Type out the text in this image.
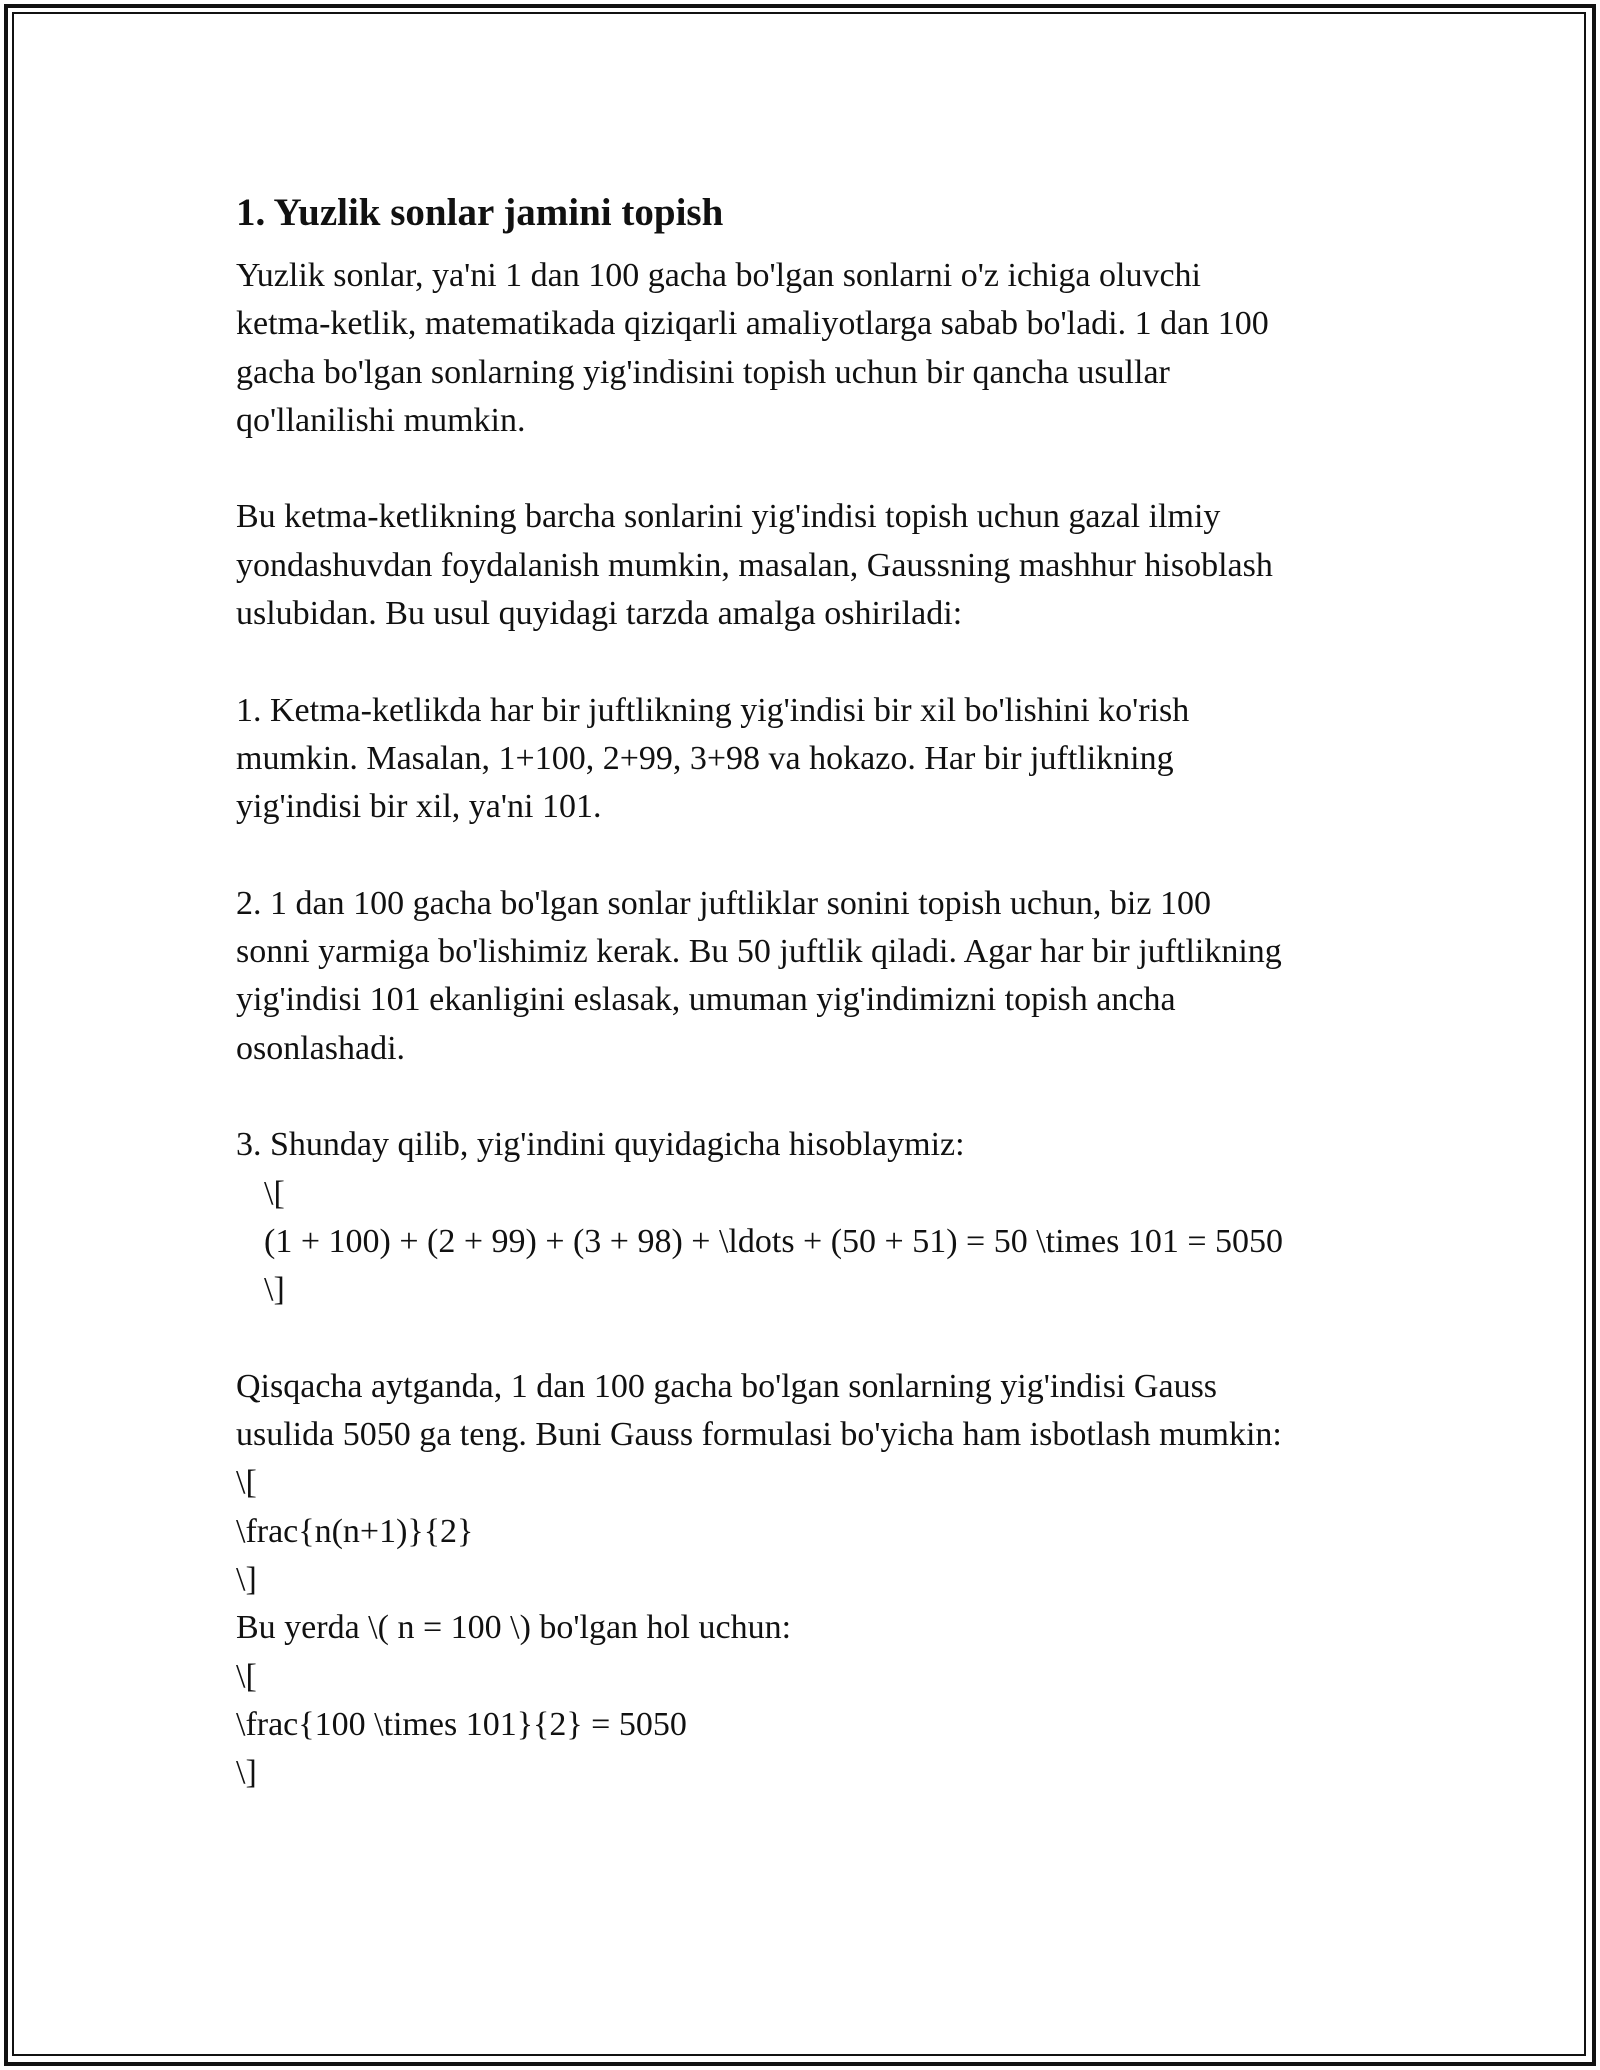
1. Yuzlik sonlar jamini topish
Yuzlik sonlar, ya'ni 1 dan 100 gacha bo'lgan sonlarni o'z ichiga oluvchi
ketma-ketlik, matematikada qiziqarli amaliyotlarga sabab bo'ladi. 1 dan 100
gacha bo'lgan sonlarning yig'indisini topish uchun bir qancha usullar
qo'llanilishi mumkin.
Bu ketma-ketlikning barcha sonlarini yig'indisi topish uchun gazal ilmiy
yondashuvdan foydalanish mumkin, masalan, Gaussning mashhur hisoblash
uslubidan. Bu usul quyidagi tarzda amalga oshiriladi:
1. Ketma-ketlikda har bir juftlikning yig'indisi bir xil bo'lishini ko'rish
mumkin. Masalan, 1+100, 2+99, 3+98 va hokazo. Har bir juftlikning
yig'indisi bir xil, ya'ni 101.
2. 1 dan 100 gacha bo'lgan sonlar juftliklar sonini topish uchun, biz 100
sonni yarmiga bo'lishimiz kerak. Bu 50 juftlik qiladi. Agar har bir juftlikning
yig'indisi 101 ekanligini eslasak, umuman yig'indimizni topish ancha
osonlashadi.
3. Shunday qilib, yig'indini quyidagicha hisoblaymiz:
\[
(1 + 100) + (2 + 99) + (3 + 98) + \ldots + (50 + 51) = 50 \times 101 = 5050
\]
Qisqacha aytganda, 1 dan 100 gacha bo'lgan sonlarning yig'indisi Gauss
usulida 5050 ga teng. Buni Gauss formulasi bo'yicha ham isbotlash mumkin:
\[
\frac{n(n+1)}{2}
\]
Bu yerda \( n = 100 \) bo'lgan hol uchun:
\[
\frac{100 \times 101}{2} = 5050
\]
